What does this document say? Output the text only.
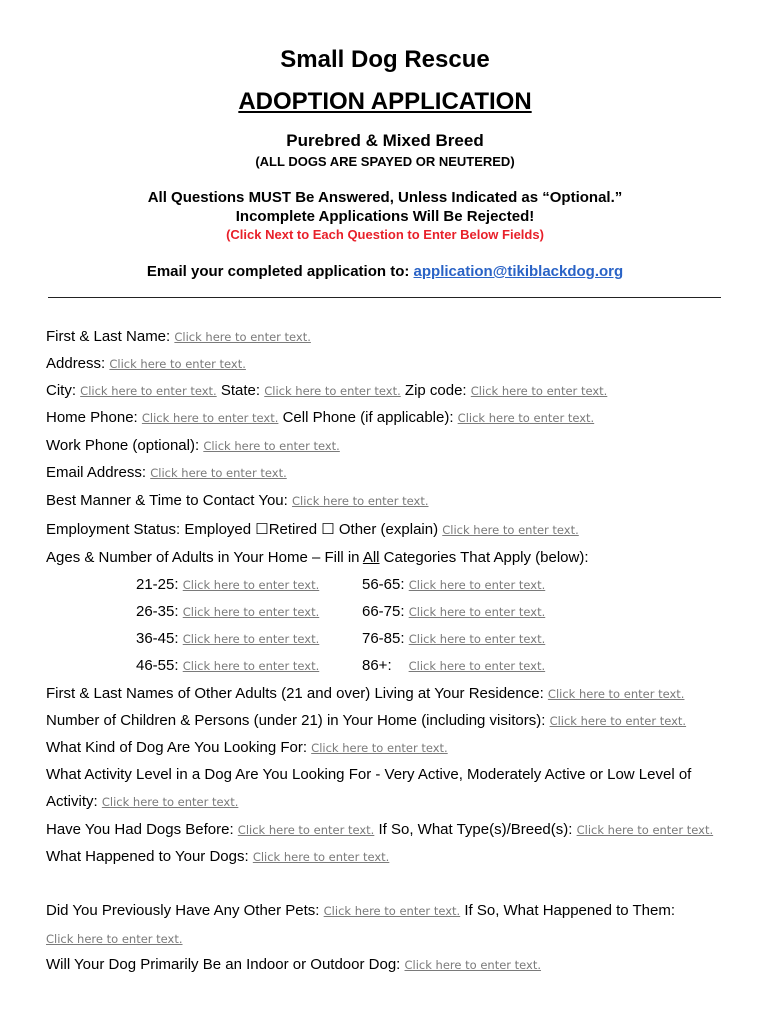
Small Dog Rescue
ADOPTION APPLICATION
Purebred & Mixed Breed
(ALL DOGS ARE SPAYED OR NEUTERED)
All Questions MUST Be Answered, Unless Indicated as “Optional.”
Incomplete Applications Will Be Rejected!
(Click Next to Each Question to Enter Below Fields)
Email your completed application to: application@tikiblackdog.org
First & Last Name: Click here to enter text.
Address: Click here to enter text.
City: Click here to enter text. State: Click here to enter text. Zip code: Click here to enter text.
Home Phone: Click here to enter text. Cell Phone (if applicable): Click here to enter text.
Work Phone (optional): Click here to enter text.
Email Address: Click here to enter text.
Best Manner & Time to Contact You: Click here to enter text.
Employment Status: Employed ☐Retired ☐ Other (explain) Click here to enter text.
Ages & Number of Adults in Your Home – Fill in All Categories That Apply (below):
21-25: Click here to enter text.
26-35: Click here to enter text.
36-45: Click here to enter text.
46-55: Click here to enter text.
56-65: Click here to enter text.
66-75: Click here to enter text.
76-85: Click here to enter text.
86+: Click here to enter text.
First & Last Names of Other Adults (21 and over) Living at Your Residence: Click here to enter text.
Number of Children & Persons (under 21) in Your Home (including visitors): Click here to enter text.
What Kind of Dog Are You Looking For: Click here to enter text.
What Activity Level in a Dog Are You Looking For - Very Active, Moderately Active or Low Level of
Activity: Click here to enter text.
Have You Had Dogs Before: Click here to enter text. If So, What Type(s)/Breed(s): Click here to enter text.
What Happened to Your Dogs: Click here to enter text.
Did You Previously Have Any Other Pets: Click here to enter text. If So, What Happened to Them:
Click here to enter text.
Will Your Dog Primarily Be an Indoor or Outdoor Dog: Click here to enter text.
